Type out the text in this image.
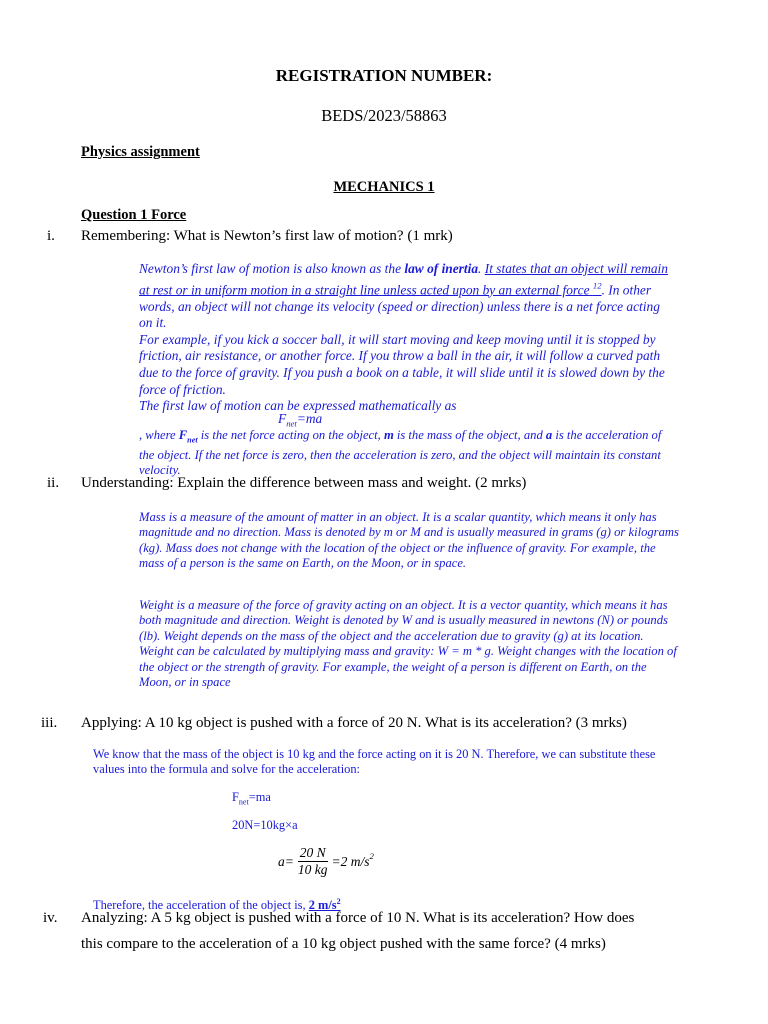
REGISTRATION NUMBER:
BEDS/2023/58863
Physics assignment
MECHANICS 1
Question 1 Force
i. Remembering: What is Newton’s first law of motion? (1 mrk)
Newton’s first law of motion is also known as the law of inertia. It states that an object will remain at rest or in uniform motion in a straight line unless acted upon by an external force $^{12}$. In other words, an object will not change its velocity (speed or direction) unless there is a net force acting on it.
For example, if you kick a soccer ball, it will start moving and keep moving until it is stopped by friction, air resistance, or another force. If you throw a ball in the air, it will follow a curved path due to the force of gravity. If you push a book on a table, it will slide until it is slowed down by the force of friction.
The first law of motion can be expressed mathematically as
$F_{net}=ma$
, where $F_{net}$ is the net force acting on the object, m is the mass of the object, and a is the acceleration of the object. If the net force is zero, then the acceleration is zero, and the object will maintain its constant velocity.
ii. Understanding: Explain the difference between mass and weight. (2 mrks)
Mass is a measure of the amount of matter in an object. It is a scalar quantity, which means it only has magnitude and no direction. Mass is denoted by m or M and is usually measured in grams (g) or kilograms (kg). Mass does not change with the location of the object or the influence of gravity. For example, the mass of a person is the same on Earth, on the Moon, or in space.
Weight is a measure of the force of gravity acting on an object. It is a vector quantity, which means it has both magnitude and direction. Weight is denoted by W and is usually measured in newtons (N) or pounds (lb). Weight depends on the mass of the object and the acceleration due to gravity (g) at its location. Weight can be calculated by multiplying mass and gravity: W = m * g. Weight changes with the location of the object or the strength of gravity. For example, the weight of a person is different on Earth, on the Moon, or in space
iii. Applying: A 10 kg object is pushed with a force of 20 N. What is its acceleration? (3 mrks)
We know that the mass of the object is 10 kg and the force acting on it is 20 N. Therefore, we can substitute these values into the formula and solve for the acceleration:
$F_{net}=ma$
20N=10kg×a
$a= \frac{20 N}{10 kg} =2$ $m/s^2$
Therefore, the acceleration of the object is, 2 $m/s^2$
iv. Analyzing: A 5 kg object is pushed with a force of 10 N. What is its acceleration? How does
this compare to the acceleration of a 10 kg object pushed with the same force? (4 mrks)
